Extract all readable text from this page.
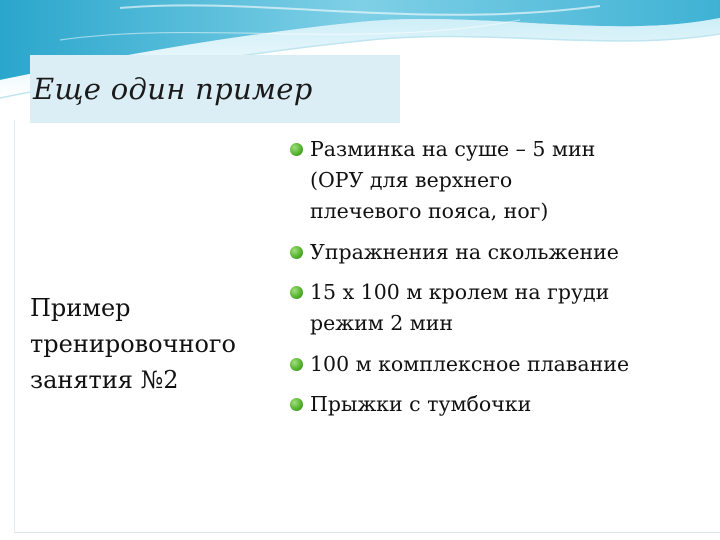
Еще один пример
Пример
тренировочного
занятия №2
Разминка на суше – 5 мин
(ОРУ для верхнего
плечевого пояса, ног)
Упражнения на скольжение
15 х 100 м кролем на груди
режим 2 мин
100 м комплексное плавание
Прыжки с тумбочки
